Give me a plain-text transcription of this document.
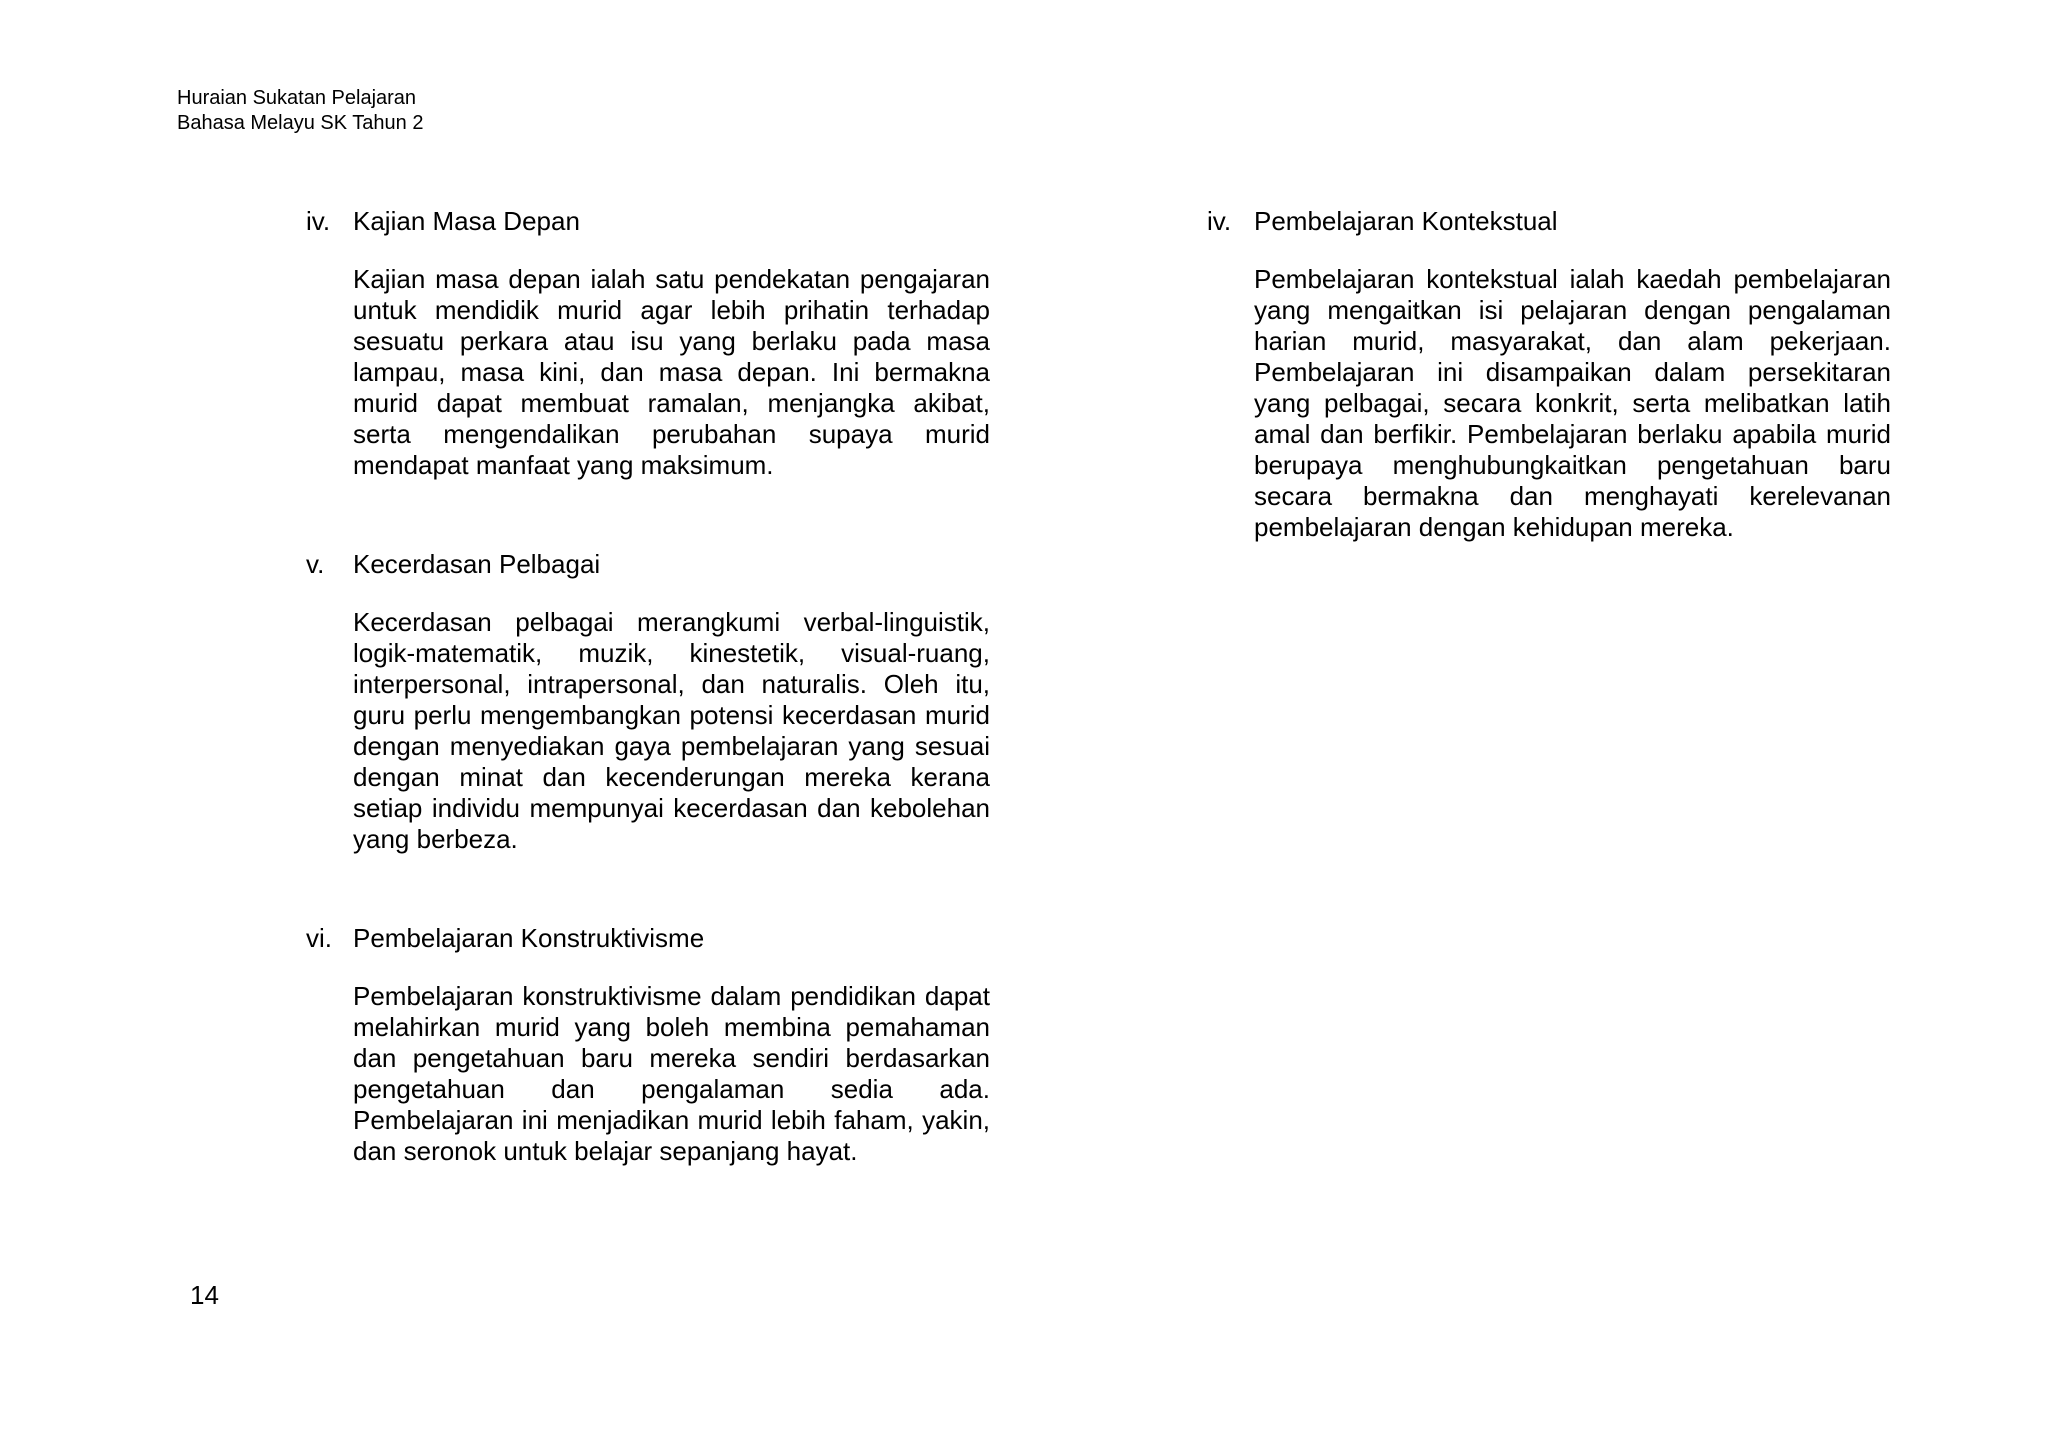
Huraian Sukatan Pelajaran
Bahasa Melayu SK Tahun 2
iv. Kajian Masa Depan
Kajian masa depan ialah satu pendekatan pengajaran untuk mendidik murid agar lebih prihatin terhadap sesuatu perkara atau isu yang berlaku pada masa lampau, masa kini, dan masa depan. Ini bermakna murid dapat membuat ramalan, menjangka akibat, serta mengendalikan perubahan supaya murid mendapat manfaat yang maksimum.
v. Kecerdasan Pelbagai
Kecerdasan pelbagai merangkumi verbal-linguistik, logik-matematik, muzik, kinestetik, visual-ruang, interpersonal, intrapersonal, dan naturalis. Oleh itu, guru perlu mengembangkan potensi kecerdasan murid dengan menyediakan gaya pembelajaran yang sesuai dengan minat dan kecenderungan mereka kerana setiap individu mempunyai kecerdasan dan kebolehan yang berbeza.
vi. Pembelajaran Konstruktivisme
Pembelajaran konstruktivisme dalam pendidikan dapat melahirkan murid yang boleh membina pemahaman dan pengetahuan baru mereka sendiri berdasarkan pengetahuan dan pengalaman sedia ada. Pembelajaran ini menjadikan murid lebih faham, yakin, dan seronok untuk belajar sepanjang hayat.
iv. Pembelajaran Kontekstual
Pembelajaran kontekstual ialah kaedah pembelajaran yang mengaitkan isi pelajaran dengan pengalaman harian murid, masyarakat, dan alam pekerjaan. Pembelajaran ini disampaikan dalam persekitaran yang pelbagai, secara konkrit, serta melibatkan latih amal dan berfikir. Pembelajaran berlaku apabila murid berupaya menghubungkaitkan pengetahuan baru secara bermakna dan menghayati kerelevanan pembelajaran dengan kehidupan mereka.
14
